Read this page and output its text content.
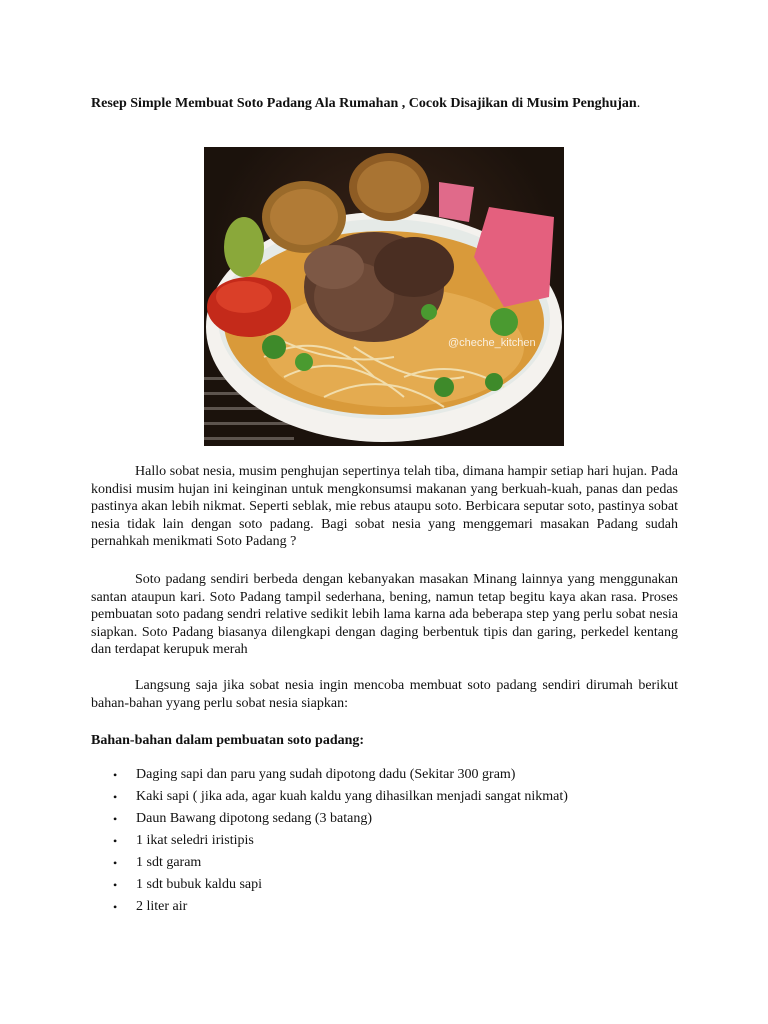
Resep Simple Membuat Soto Padang Ala Rumahan , Cocok Disajikan di Musim Penghujan.
@cheche_kitchen

Hallo sobat nesia, musim penghujan sepertinya telah tiba, dimana hampir setiap hari hujan. Pada kondisi musim hujan ini keinginan untuk mengkonsumsi makanan yang berkuah-kuah, panas dan pedas pastinya akan lebih nikmat. Seperti seblak, mie rebus ataupu soto. Berbicara seputar soto, pastinya sobat nesia tidak lain dengan soto padang. Bagi sobat nesia yang menggemari masakan Padang sudah pernahkah menikmati Soto Padang ?

Soto padang sendiri berbeda dengan kebanyakan masakan Minang lainnya yang menggunakan santan ataupun kari. Soto Padang tampil sederhana, bening, namun tetap begitu kaya akan rasa. Proses pembuatan soto padang sendri relative sedikit lebih lama karna ada beberapa step yang perlu sobat nesia siapkan. Soto Padang biasanya dilengkapi dengan daging berbentuk tipis dan garing, perkedel kentang dan terdapat kerupuk merah

Langsung saja jika sobat nesia ingin mencoba membuat soto padang sendiri dirumah berikut bahan-bahan yyang perlu sobat nesia siapkan:

Bahan-bahan dalam pembuatan soto padang:
• Daging sapi dan paru yang sudah dipotong dadu (Sekitar 300 gram)
• Kaki sapi ( jika ada, agar kuah kaldu yang dihasilkan menjadi sangat nikmat)
• Daun Bawang dipotong sedang (3 batang)
• 1 ikat seledri iristipis
• 1 sdt garam
• 1 sdt bubuk kaldu sapi
• 2 liter air
